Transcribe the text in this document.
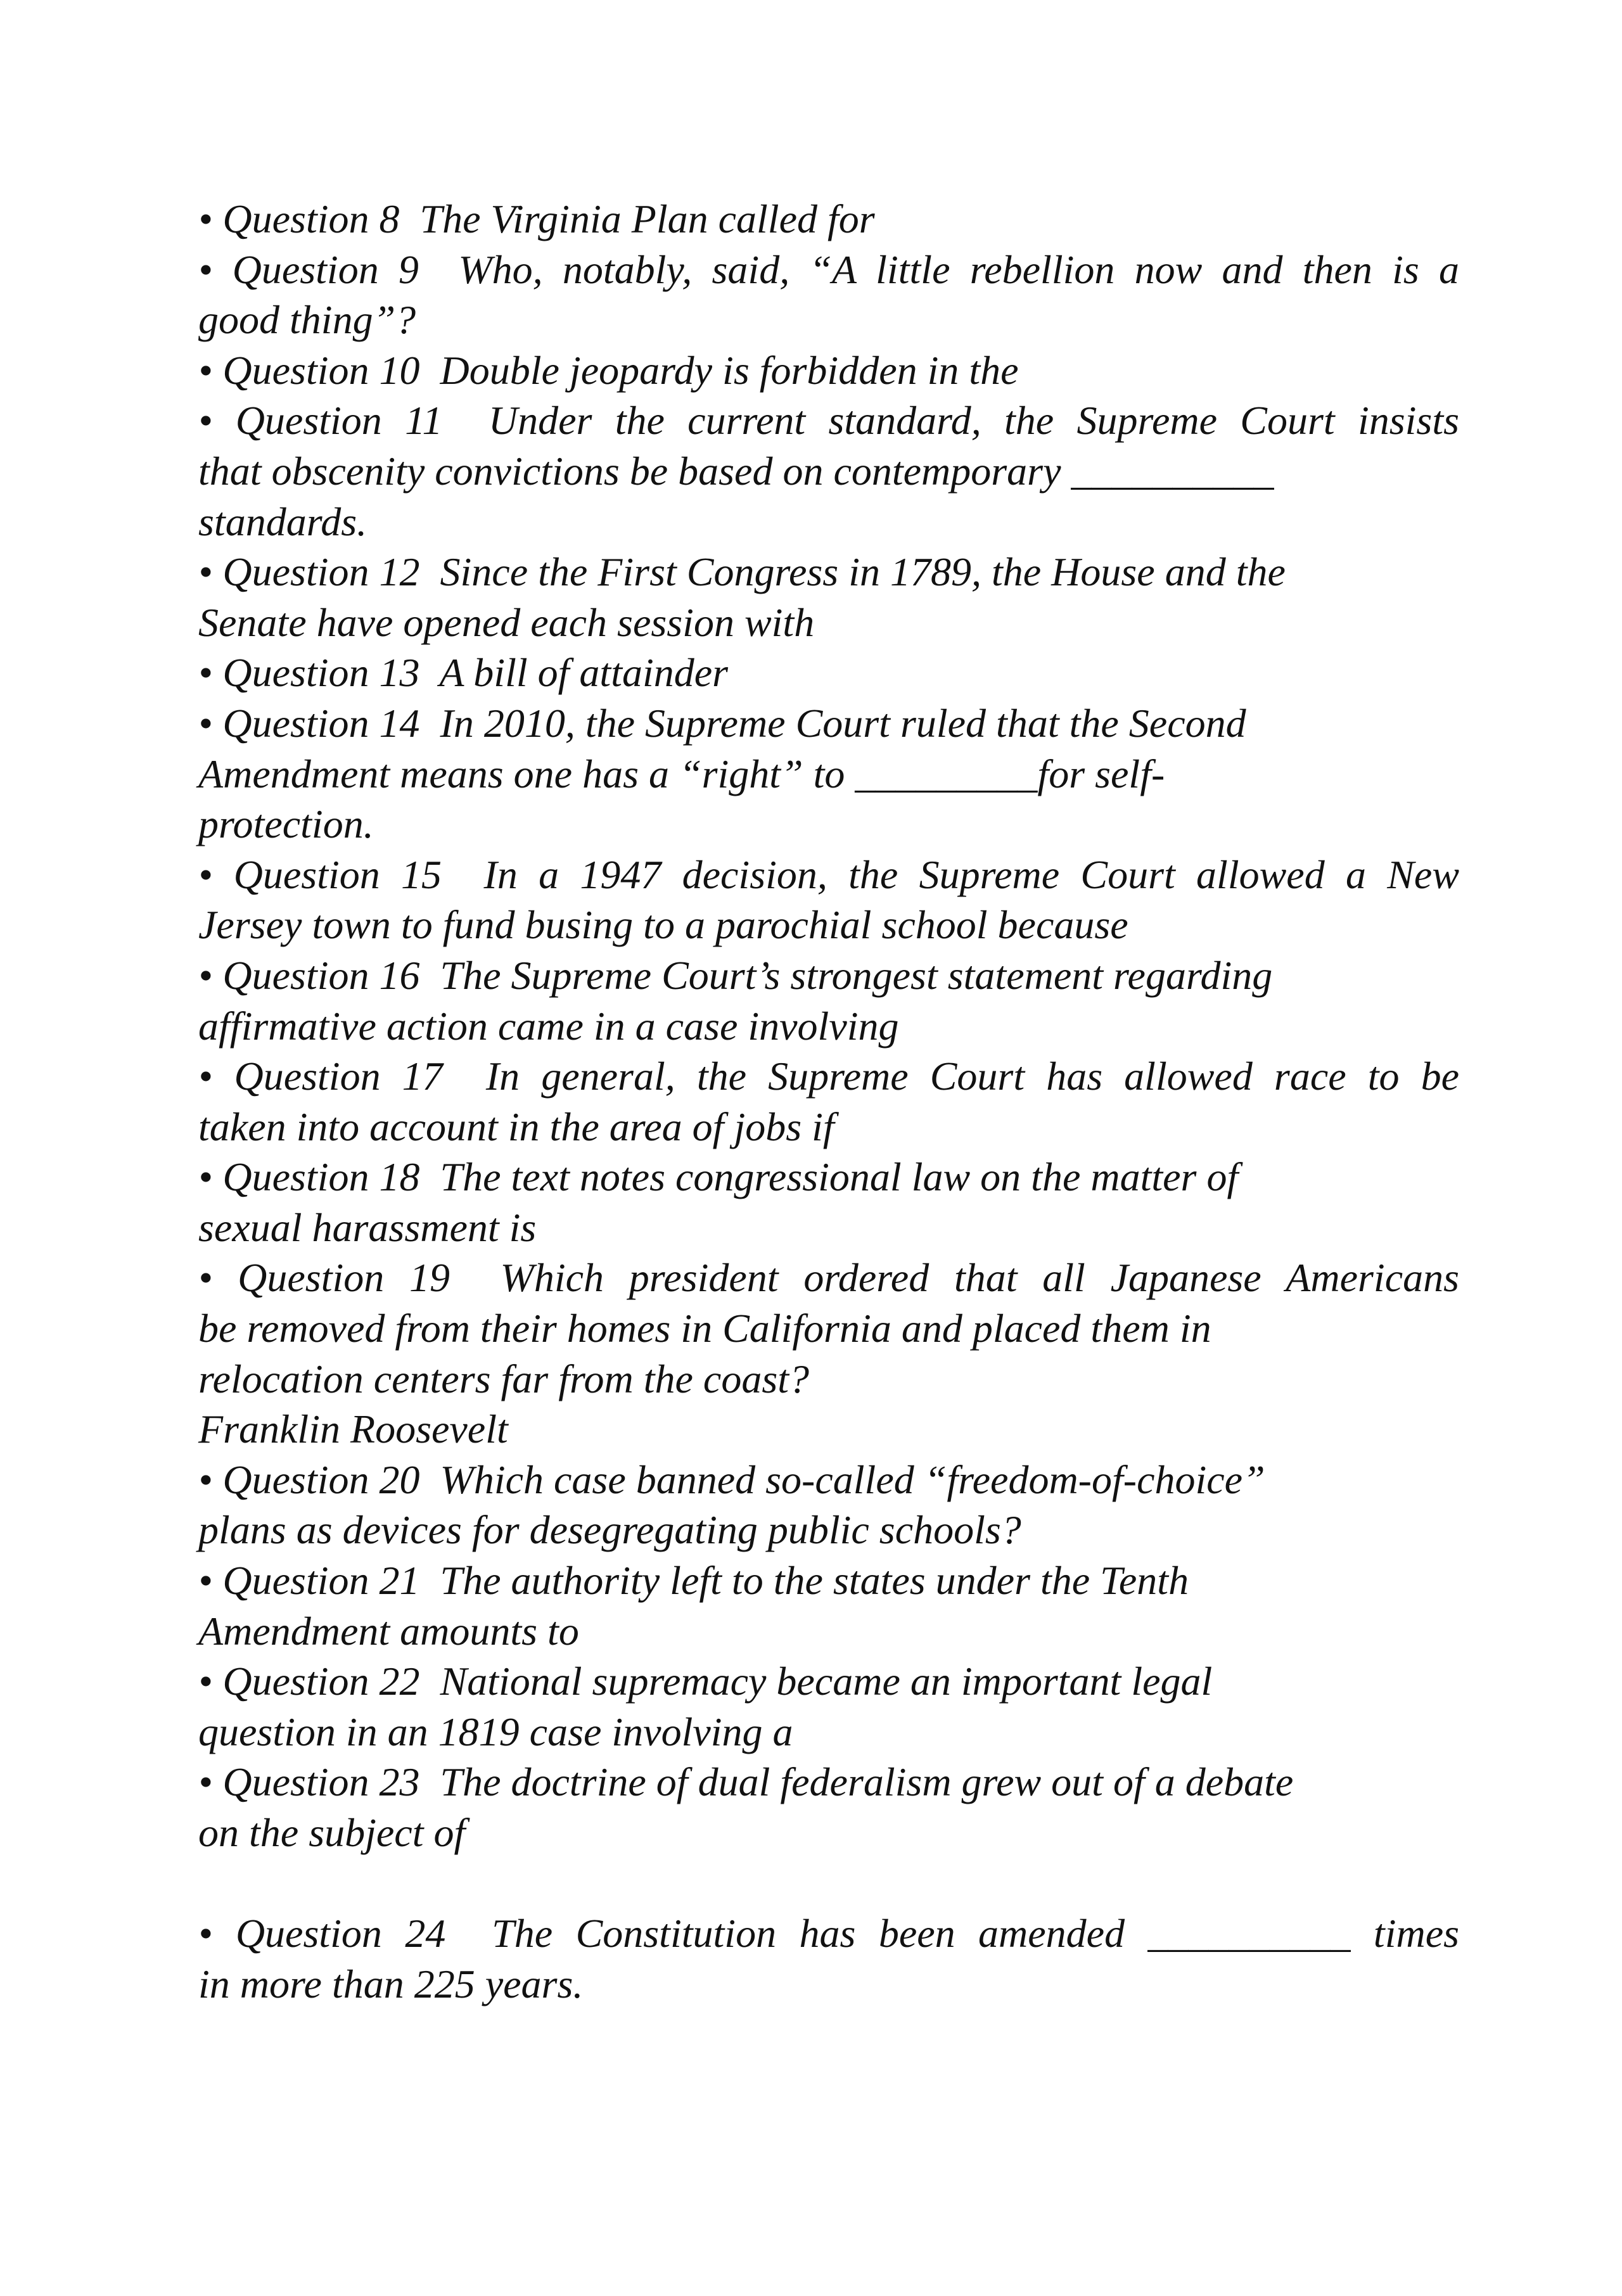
• Question 8  The Virginia Plan called for
• Question 9  Who, notably, said, “A little rebellion now and then is a
good thing”?
• Question 10  Double jeopardy is forbidden in the
• Question 11  Under the current standard, the Supreme Court insists
that obscenity convictions be based on contemporary __________
standards.
• Question 12  Since the First Congress in 1789, the House and the
Senate have opened each session with
• Question 13  A bill of attainder
• Question 14  In 2010, the Supreme Court ruled that the Second
Amendment means one has a “right” to _________for self-
protection.
• Question 15  In a 1947 decision, the Supreme Court allowed a New
Jersey town to fund busing to a parochial school because
• Question 16  The Supreme Court’s strongest statement regarding
affirmative action came in a case involving
• Question 17  In general, the Supreme Court has allowed race to be
taken into account in the area of jobs if
• Question 18  The text notes congressional law on the matter of
sexual harassment is
• Question 19  Which president ordered that all Japanese Americans
be removed from their homes in California and placed them in
relocation centers far from the coast?
Franklin Roosevelt
• Question 20  Which case banned so-called “freedom-of-choice”
plans as devices for desegregating public schools?
• Question 21  The authority left to the states under the Tenth
Amendment amounts to
• Question 22  National supremacy became an important legal
question in an 1819 case involving a
• Question 23  The doctrine of dual federalism grew out of a debate
on the subject of
• Question 24  The Constitution has been amended __________ times
in more than 225 years.
